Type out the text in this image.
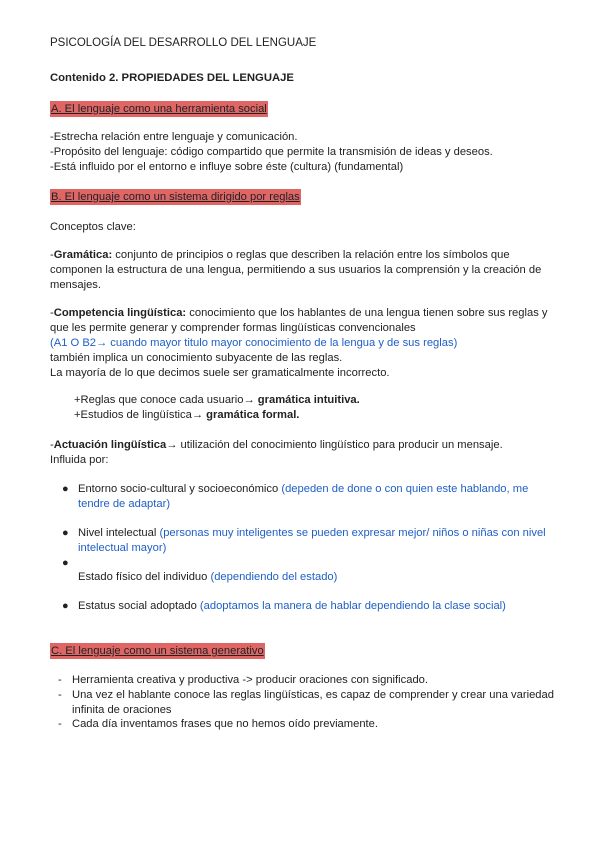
PSICOLOGÍA DEL DESARROLLO DEL LENGUAJE
Contenido 2. PROPIEDADES DEL LENGUAJE
A. El lenguaje como una herramienta social

-Estrecha relación entre lenguaje y comunicación.

-Propósito del lenguaje: código compartido que permite la transmisión de ideas y deseos.

-Está influido por el entorno e influye sobre éste (cultura) (fundamental)

B. El lenguaje como un sistema dirigido por reglas
Conceptos clave:
-Gramática: conjunto de principios o reglas que describen la relación entre los símbolos que componen la estructura de una lengua, permitiendo a sus usuarios la comprensión y la creación de mensajes.

-Competencia lingüística: conocimiento que los hablantes de una lengua tienen sobre sus reglas y que les permite generar y comprender formas lingüísticas convencionales

(A1 O B2→ cuando mayor titulo mayor conocimiento de la lengua y de sus reglas)

también implica un conocimiento subyacente de las reglas.

La mayoría de lo que decimos suele ser gramaticalmente incorrecto.

+Reglas que conoce cada usuario→ gramática intuitiva.

+Estudios de lingüística→ gramática formal.

-Actuación lingüística→ utilización del conocimiento lingüístico para producir un mensaje.

Influida por:

● Entorno socio-cultural y socioeconómico (depeden de done o con quien este hablando, me tendre de adaptar)
● Nivel intelectual (personas muy inteligentes se pueden expresar mejor/ niños o niñas con nivel intelectual mayor)
●
Estado físico del individuo (dependiendo del estado)
● Estatus social adoptado (adoptamos la manera de hablar dependiendo la clase social)
C. El lenguaje como un sistema generativo
- Herramienta creativa y productiva -> producir oraciones con significado.
- Una vez el hablante conoce las reglas lingüísticas, es capaz de comprender y crear una variedad infinita de oraciones
- Cada día inventamos frases que no hemos oído previamente.
